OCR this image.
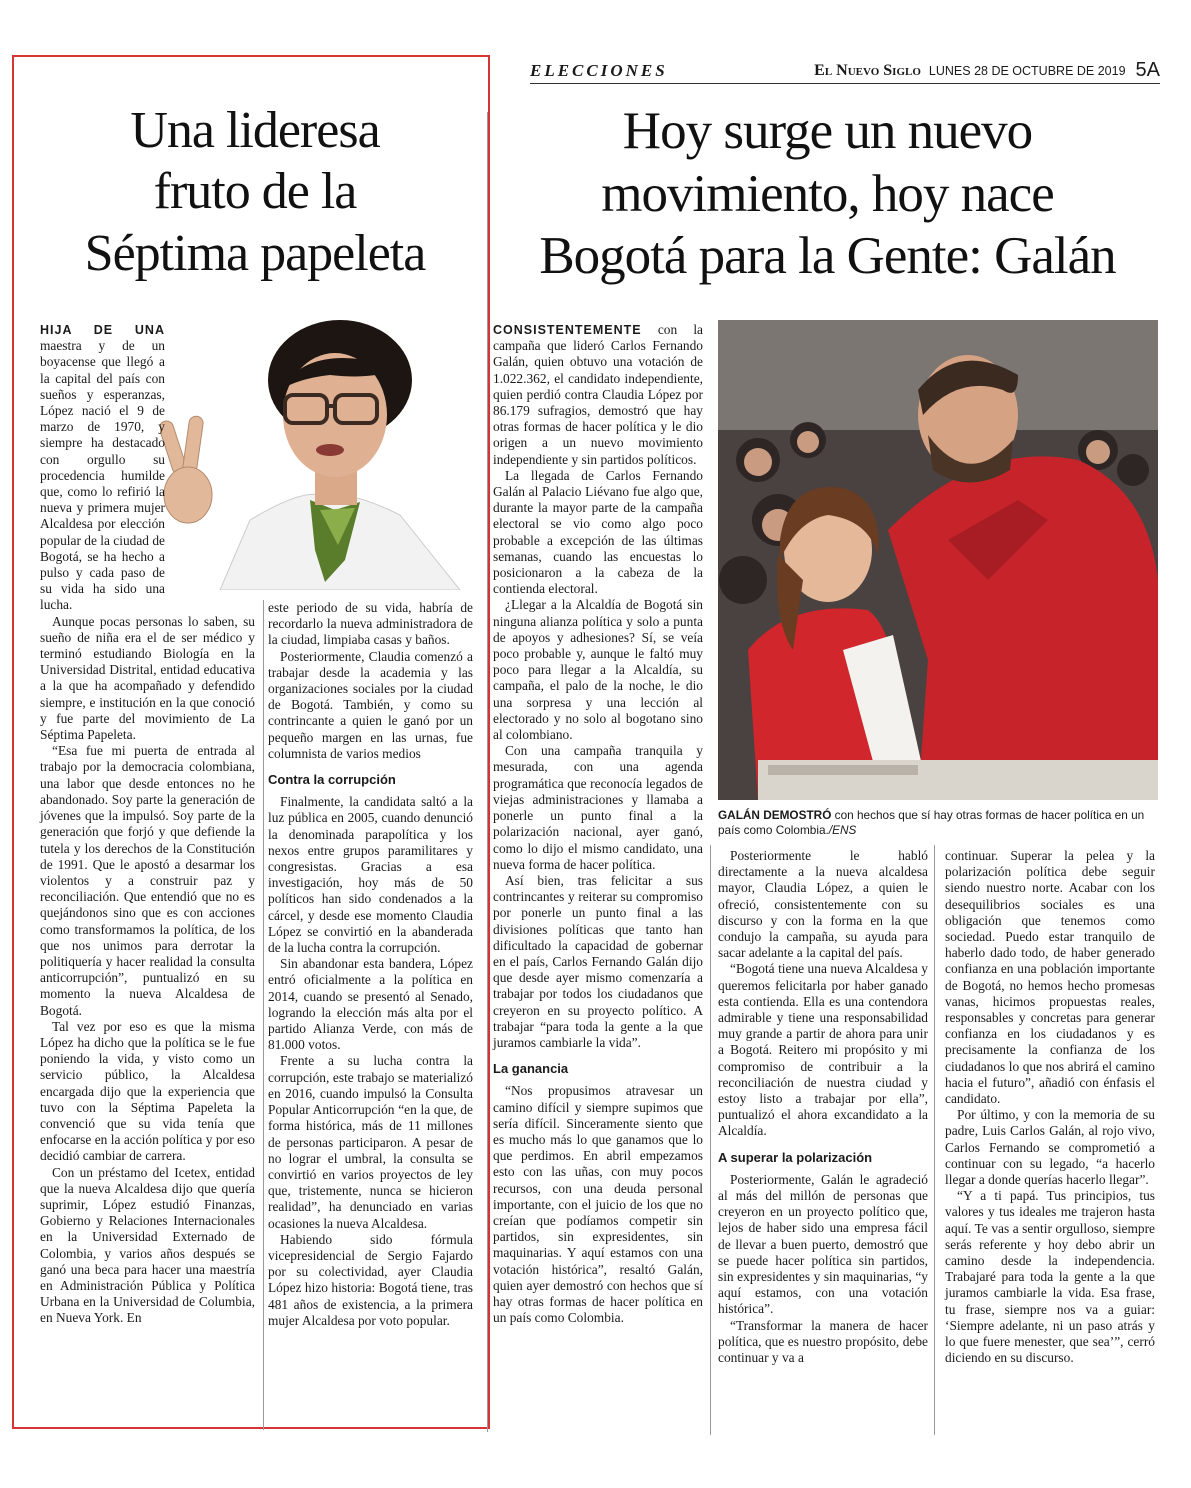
ELECCIONES	El Nuevo Siglo LUNES 28 DE OCTUBRE DE 2019 5A
Una lideresa
fruto de la
Séptima papeleta
Hoy surge un nuevo
movimiento, hoy nace
Bogotá para la Gente: Galán

HIJA DE UNA maestra y de un boyacense que llegó a la capital del país con sueños y esperanzas, López nació el 9 de marzo de 1970, y siempre ha destacado con orgullo su procedencia humilde que, como lo refirió la nueva y primera mujer Alcaldesa por elección popular de la ciudad de Bogotá, se ha hecho a pulso y cada paso de su vida ha sido una lucha.

Aunque pocas personas lo saben, su sueño de niña era el de ser médico y terminó estudiando Biología en la Universidad Distrital, entidad educativa a la que ha acompañado y defendido siempre, e institución en la que conoció y fue parte del movimiento de La Séptima Papeleta.

“Esa fue mi puerta de entrada al trabajo por la democracia colombiana, una labor que desde entonces no he abandonado. Soy parte la generación de jóvenes que la impulsó. Soy parte de la generación que forjó y que defiende la tutela y los derechos de la Constitución de 1991. Que le apostó a desarmar los violentos y a construir paz y reconciliación. Que entendió que no es quejándonos sino que es con acciones como transformamos la política, de los que nos unimos para derrotar la politiquería y hacer realidad la consulta anticorrupción”, puntualizó en su momento la nueva Alcaldesa de Bogotá.

Tal vez por eso es que la misma López ha dicho que la política se le fue poniendo la vida, y visto como un servicio público, la Alcaldesa encargada dijo que la experiencia que tuvo con la Séptima Papeleta la convenció que su vida tenía que enfocarse en la acción política y por eso decidió cambiar de carrera.

Con un préstamo del Icetex, entidad que la nueva Alcaldesa dijo que quería suprimir, López estudió Finanzas, Gobierno y Relaciones Internacionales en la Universidad Externado de Colombia, y varios años después se ganó una beca para hacer una maestría en Administración Pública y Política Urbana en la Universidad de Columbia, en Nueva York. En

este periodo de su vida, habría de recordarlo la nueva administradora de la ciudad, limpiaba casas y baños.

Posteriormente, Claudia comenzó a trabajar desde la academia y las organizaciones sociales por la ciudad de Bogotá. También, y como su contrincante a quien le ganó por un pequeño margen en las urnas, fue columnista de varios medios

Contra la corrupción

Finalmente, la candidata saltó a la luz pública en 2005, cuando denunció la denominada parapolítica y los nexos entre grupos paramilitares y congresistas. Gracias a esa investigación, hoy más de 50 políticos han sido condenados a la cárcel, y desde ese momento Claudia López se convirtió en la abanderada de la lucha contra la corrupción.

Sin abandonar esta bandera, López entró oficialmente a la política en 2014, cuando se presentó al Senado, logrando la elección más alta por el partido Alianza Verde, con más de 81.000 votos.

Frente a su lucha contra la corrupción, este trabajo se materializó en 2016, cuando impulsó la Consulta Popular Anticorrupción “en la que, de forma histórica, más de 11 millones de personas participaron. A pesar de no lograr el umbral, la consulta se convirtió en varios proyectos de ley que, tristemente, nunca se hicieron realidad”, ha denunciado en varias ocasiones la nueva Alcaldesa.

Habiendo sido fórmula vicepresidencial de Sergio Fajardo por su colectividad, ayer Claudia López hizo historia: Bogotá tiene, tras 481 años de existencia, a la primera mujer Alcaldesa por voto popular.

CONSISTENTEMENTE con la campaña que lideró Carlos Fernando Galán, quien obtuvo una votación de 1.022.362, el candidato independiente, quien perdió contra Claudia López por 86.179 sufragios, demostró que hay otras formas de hacer política y le dio origen a un nuevo movimiento independiente y sin partidos políticos.

La llegada de Carlos Fernando Galán al Palacio Liévano fue algo que, durante la mayor parte de la campaña electoral se vio como algo poco probable a excepción de las últimas semanas, cuando las encuestas lo posicionaron a la cabeza de la contienda electoral.

¿Llegar a la Alcaldía de Bogotá sin ninguna alianza política y solo a punta de apoyos y adhesiones? Sí, se veía poco probable y, aunque le faltó muy poco para llegar a la Alcaldía, su campaña, el palo de la noche, le dio una sorpresa y una lección al electorado y no solo al bogotano sino al colombiano.

Con una campaña tranquila y mesurada, con una agenda programática que reconocía legados de viejas administraciones y llamaba a ponerle un punto final a la polarización nacional, ayer ganó, como lo dijo el mismo candidato, una nueva forma de hacer política.

Así bien, tras felicitar a sus contrincantes y reiterar su compromiso por ponerle un punto final a las divisiones políticas que tanto han dificultado la capacidad de gobernar en el país, Carlos Fernando Galán dijo que desde ayer mismo comenzaría a trabajar por todos los ciudadanos que creyeron en su proyecto político. A trabajar “para toda la gente a la que juramos cambiarle la vida”.

La ganancia

“Nos propusimos atravesar un camino difícil y siempre supimos que sería difícil. Sinceramente siento que es mucho más lo que ganamos que lo que perdimos. En abril empezamos esto con las uñas, con muy pocos recursos, con una deuda personal importante, con el juicio de los que no creían que podíamos competir sin partidos, sin expresidentes, sin maquinarias. Y aquí estamos con una votación histórica”, resaltó Galán, quien ayer demostró con hechos que sí hay otras formas de hacer política en un país como Colombia.

GALÁN DEMOSTRÓ con hechos que sí hay otras formas de hacer política en un país como Colombia./ENS

Posteriormente le habló directamente a la nueva alcaldesa mayor, Claudia López, a quien le ofreció, consistentemente con su discurso y con la forma en la que condujo la campaña, su ayuda para sacar adelante a la capital del país.

“Bogotá tiene una nueva Alcaldesa y queremos felicitarla por haber ganado esta contienda. Ella es una contendora admirable y tiene una responsabilidad muy grande a partir de ahora para unir a Bogotá. Reitero mi propósito y mi compromiso de contribuir a la reconciliación de nuestra ciudad y estoy listo a trabajar por ella”, puntualizó el ahora excandidato a la Alcaldía.

A superar la polarización

Posteriormente, Galán le agradeció al más del millón de personas que creyeron en un proyecto político que, lejos de haber sido una empresa fácil de llevar a buen puerto, demostró que se puede hacer política sin partidos, sin expresidentes y sin maquinarias, “y aquí estamos, con una votación histórica”.

“Transformar la manera de hacer política, que es nuestro propósito, debe continuar y va a

continuar. Superar la pelea y la polarización política debe seguir siendo nuestro norte. Acabar con los desequilibrios sociales es una obligación que tenemos como sociedad. Puedo estar tranquilo de haberlo dado todo, de haber generado confianza en una población importante de Bogotá, no hemos hecho promesas vanas, hicimos propuestas reales, responsables y concretas para generar confianza en los ciudadanos y es precisamente la confianza de los ciudadanos lo que nos abrirá el camino hacia el futuro”, añadió con énfasis el candidato.

Por último, y con la memoria de su padre, Luis Carlos Galán, al rojo vivo, Carlos Fernando se comprometió a continuar con su legado, “a hacerlo llegar a donde querías hacerlo llegar”.

“Y a ti papá. Tus principios, tus valores y tus ideales me trajeron hasta aquí. Te vas a sentir orgulloso, siempre serás referente y hoy debo abrir un camino desde la independencia. Trabajaré para toda la gente a la que juramos cambiarle la vida. Esa frase, tu frase, siempre nos va a guiar: ‘Siempre adelante, ni un paso atrás y lo que fuere menester, que sea’”, cerró diciendo en su discurso.
